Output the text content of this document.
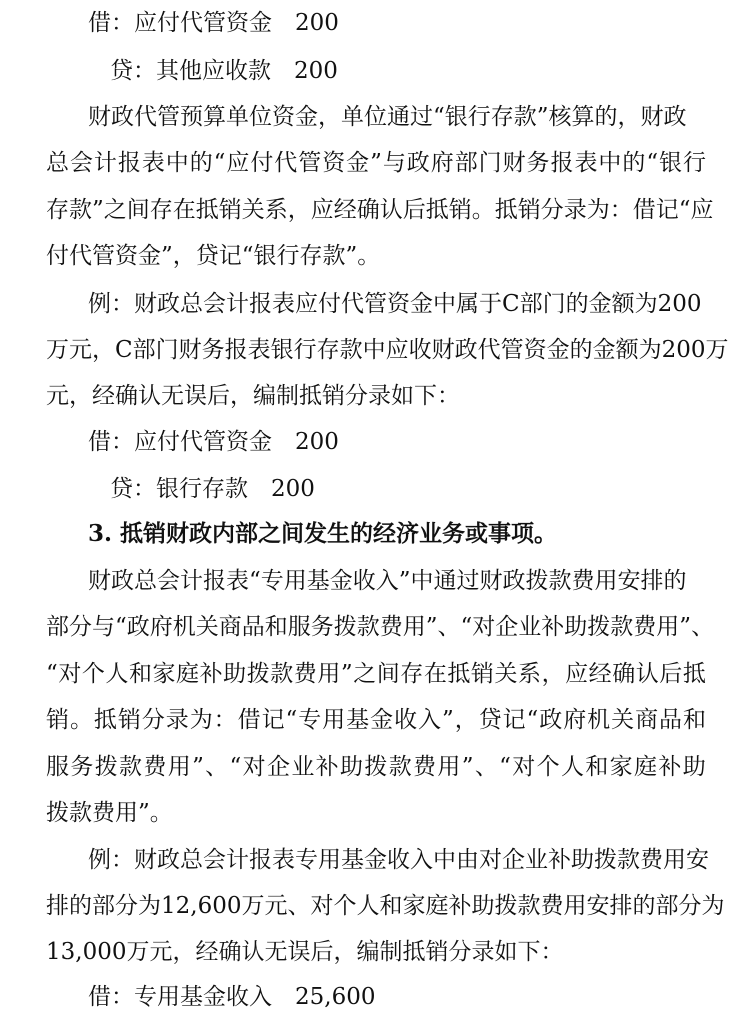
借：应付代管资金　200
贷：其他应收款　200
财政代管预算单位资金，单位通过“银行存款”核算的，财政
总 会 计 报 表 中 的 “ 应 付 代 管 资 金 ” 与 政 府 部 门 财 务 报 表 中 的 “ 银 行
存 款 ” 之 间 存 在 抵 销 关 系 ， 应 经 确 认 后 抵 销 。 抵 销 分 录 为 ： 借 记 “ 应
付代管资金”，贷记“银行存款”。
例：财政总会计报表应付代管资金中属于C部门的金额为200
万 元 ， C 部 门 财 务 报 表 银 行 存 款 中 应 收 财 政 代 管 资 金 的 金 额 为 2 0 0 万
元，经确认无误后，编制抵销分录如下：
借：应付代管资金　200
贷：银行存款　200
3. 抵销财政内部之间发生的经济业务或事项。
财政总会计报表“专用基金收入”中通过财政拨款费用安排的
部 分 与 “ 政 府 机 关 商 品 和 服 务 拨 款 费 用 ” 、 “ 对 企 业 补 助 拨 款 费 用 ” 、
“ 对 个 人 和 家 庭 补 助 拨 款 费 用 ” 之 间 存 在 抵 销 关 系 ， 应 经 确 认 后 抵
销 。 抵 销 分 录 为 ： 借 记 “ 专 用 基 金 收 入 ” ， 贷 记 “ 政 府 机 关 商 品 和
服 务 拨 款 费 用 ” 、 “ 对 企 业 补 助 拨 款 费 用 ” 、 “ 对 个 人 和 家 庭 补 助
拨款费用”。
例：财政总会计报表专用基金收入中由对企业补助拨款费用安
排 的 部 分 为 1 2 , 6 0 0 万 元 、 对 个 人 和 家 庭 补 助 拨 款 费 用 安 排 的 部 分 为
13,000万元，经确认无误后，编制抵销分录如下：
借：专用基金收入　25,600
